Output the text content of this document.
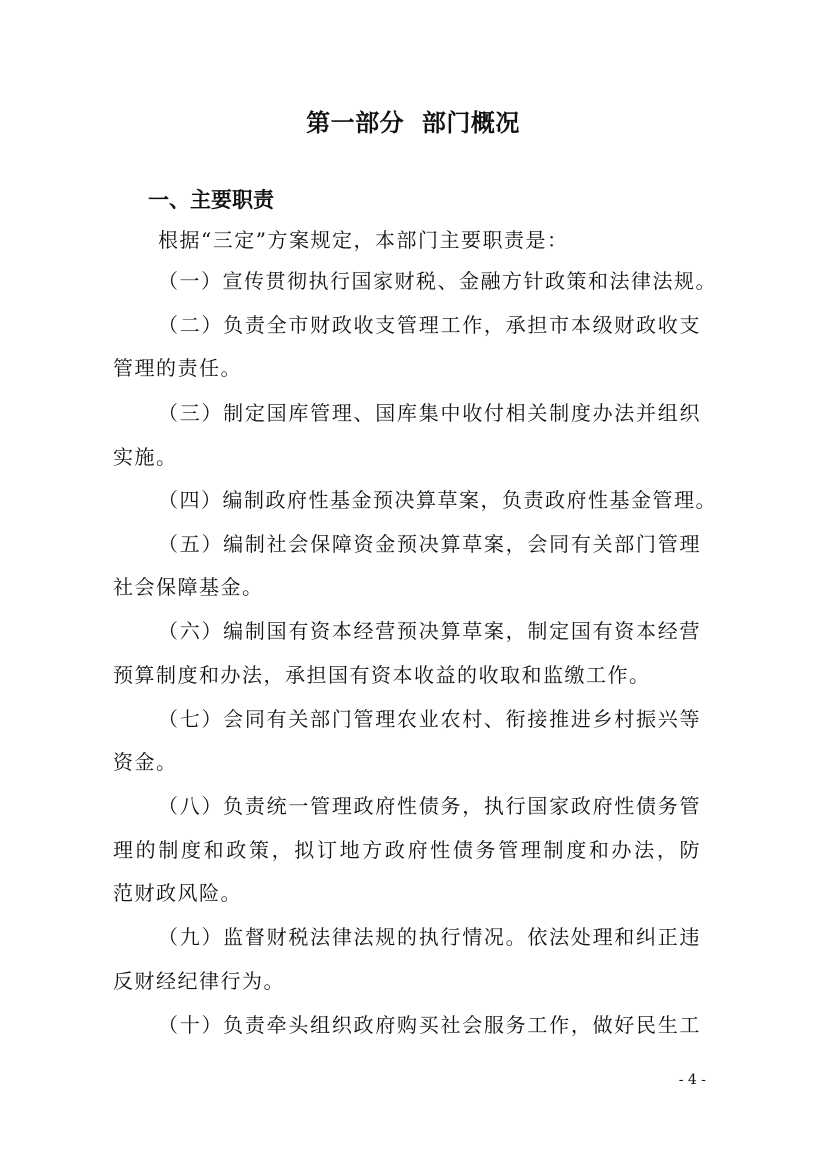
第一部分  部门概况
一、主要职责
根据“三定”方案规定，本部门主要职责是：
（一）宣传贯彻执行国家财税、金融方针政策和法律法规。
（二）负责全市财政收支管理工作，承担市本级财政收支
管理的责任。
（三）制定国库管理、国库集中收付相关制度办法并组织
实施。
（四）编制政府性基金预决算草案，负责政府性基金管理。
（五）编制社会保障资金预决算草案，会同有关部门管理
社会保障基金。
（六）编制国有资本经营预决算草案，制定国有资本经营
预算制度和办法，承担国有资本收益的收取和监缴工作。
（七）会同有关部门管理农业农村、衔接推进乡村振兴等
资金。
（八）负责统一管理政府性债务，执行国家政府性债务管
理的制度和政策，拟订地方政府性债务管理制度和办法，防
范财政风险。
（九）监督财税法律法规的执行情况。依法处理和纠正违
反财经纪律行为。
（十）负责牵头组织政府购买社会服务工作，做好民生工
- 4 -
